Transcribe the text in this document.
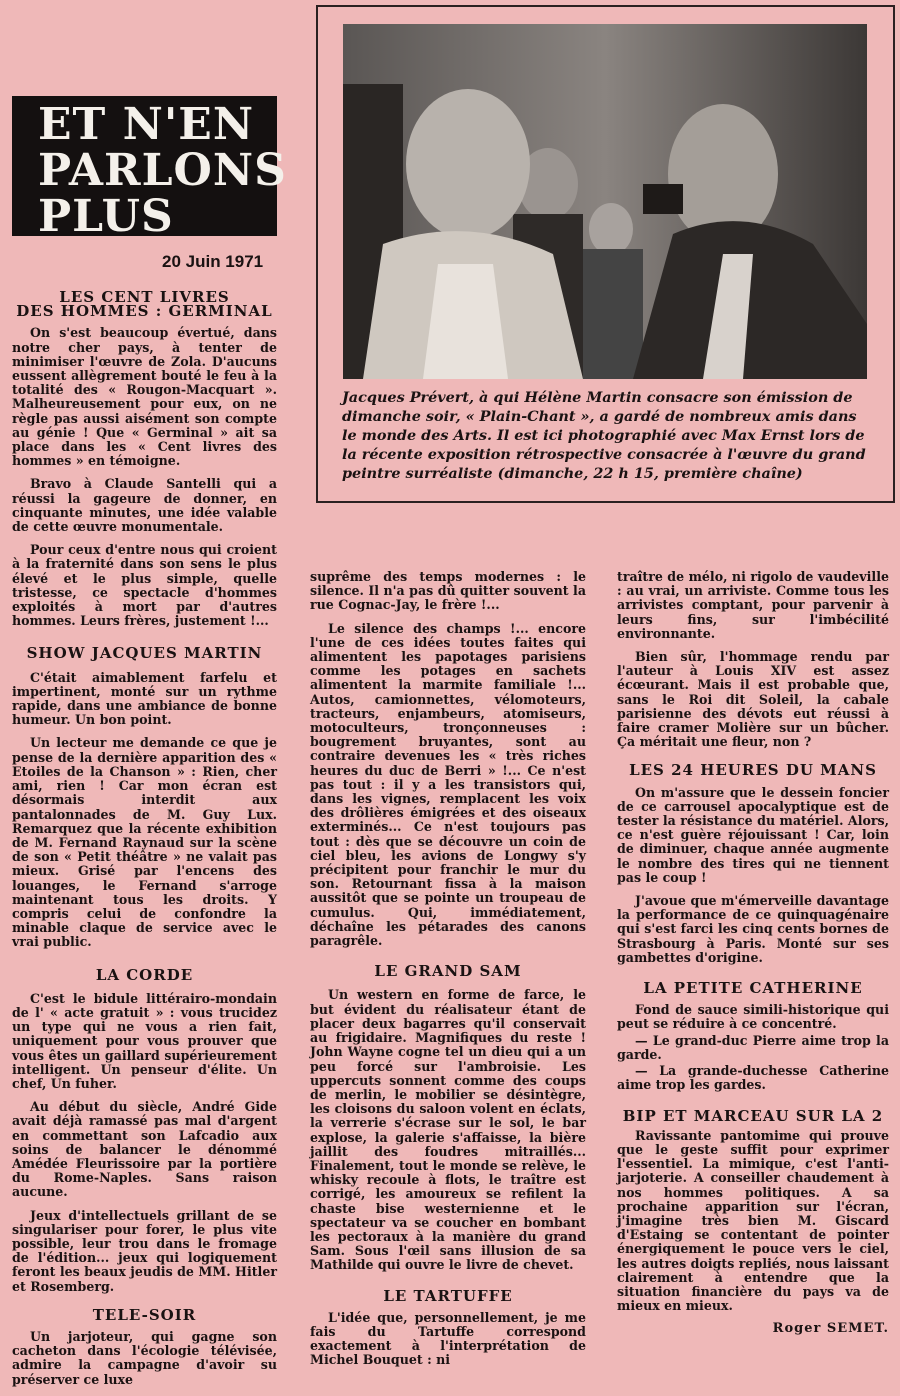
ET N'EN
PARLONS
PLUS
20 Juin 1971
Jacques Prévert, à qui Hélène Martin consacre son émission de dimanche soir, « Plain-Chant », a gardé de nombreux amis dans le monde des Arts. Il est ici photographié avec Max Ernst lors de la récente exposition rétrospective consacrée à l'œuvre du grand peintre surréaliste (dimanche, 22 h 15, première chaîne)
LES CENT LIVRES
DES HOMMES : GERMINAL

On s'est beaucoup évertué, dans notre cher pays, à tenter de minimiser l'œuvre de Zola. D'aucuns eussent allègrement bouté le feu à la totalité des « Rougon-Macquart ». Malheureusement pour eux, on ne règle pas aussi aisément son compte au génie ! Que « Germinal » ait sa place dans les « Cent livres des hommes » en témoigne.

Bravo à Claude Santelli qui a réussi la gageure de donner, en cinquante minutes, une idée valable de cette œuvre monumentale.

Pour ceux d'entre nous qui croient à la fraternité dans son sens le plus élevé et le plus simple, quelle tristesse, ce spectacle d'hommes exploités à mort par d'autres hommes. Leurs frères, justement !...

SHOW JACQUES MARTIN

C'était aimablement farfelu et impertinent, monté sur un rythme rapide, dans une ambiance de bonne humeur. Un bon point.

Un lecteur me demande ce que je pense de la dernière apparition des « Etoiles de la Chanson » : Rien, cher ami, rien ! Car mon écran est désormais interdit aux pantalonnades de M. Guy Lux. Remarquez que la récente exhibition de M. Fernand Raynaud sur la scène de son « Petit théâtre » ne valait pas mieux. Grisé par l'encens des louanges, le Fernand s'arroge maintenant tous les droits. Y compris celui de confondre la minable claque de service avec le vrai public.

LA CORDE

C'est le bidule littérairo-mondain de l' « acte gratuit » : vous trucidez un type qui ne vous a rien fait, uniquement pour vous prouver que vous êtes un gaillard supérieurement intelligent. Un penseur d'élite. Un chef, Un fuher.

Au début du siècle, André Gide avait déjà ramassé pas mal d'argent en commettant son Lafcadio aux soins de balancer le dénommé Amédée Fleurissoire par la portière du Rome-Naples. Sans raison aucune.

Jeux d'intellectuels grillant de se singulariser pour forer, le plus vite possible, leur trou dans le fromage de l'édition... jeux qui logiquement feront les beaux jeudis de MM. Hitler et Rosemberg.

TELE-SOIR

Un jarjoteur, qui gagne son cacheton dans l'écologie télévisée, admire la campagne d'avoir su préserver ce luxe

suprême des temps modernes : le silence. Il n'a pas dû quitter souvent la rue Cognac-Jay, le frère !...

Le silence des champs !... encore l'une de ces idées toutes faites qui alimentent les papotages parisiens comme les potages en sachets alimentent la marmite familiale !... Autos, camionnettes, vélomoteurs, tracteurs, enjambeurs, atomiseurs, motoculteurs, tronçonneuses : bougrement bruyantes, sont au contraire devenues les « très riches heures du duc de Berri » !... Ce n'est pas tout : il y a les transistors qui, dans les vignes, remplacent les voix des drôlières émigrées et des oiseaux exterminés... Ce n'est toujours pas tout : dès que se découvre un coin de ciel bleu, les avions de Longwy s'y précipitent pour franchir le mur du son. Retournant fissa à la maison aussitôt que se pointe un troupeau de cumulus. Qui, immédiatement, déchaîne les pétarades des canons paragrêle.

LE GRAND SAM

Un western en forme de farce, le but évident du réalisateur étant de placer deux bagarres qu'il conservait au frigidaire. Magnifiques du reste ! John Wayne cogne tel un dieu qui a un peu forcé sur l'ambroisie. Les uppercuts sonnent comme des coups de merlin, le mobilier se désintègre, les cloisons du saloon volent en éclats, la verrerie s'écrase sur le sol, le bar explose, la galerie s'affaisse, la bière jaillit des foudres mitraillés... Finalement, tout le monde se relève, le whisky recoule à flots, le traître est corrigé, les amoureux se refilent la chaste bise westernienne et le spectateur va se coucher en bombant les pectoraux à la manière du grand Sam. Sous l'œil sans illusion de sa Mathilde qui ouvre le livre de chevet.

LE TARTUFFE

L'idée que, personnellement, je me fais du Tartuffe correspond exactement à l'interprétation de Michel Bouquet : ni

traître de mélo, ni rigolo de vaudeville : au vrai, un arriviste. Comme tous les arrivistes comptant, pour parvenir à leurs fins, sur l'imbécilité environnante.

Bien sûr, l'hommage rendu par l'auteur à Louis XIV est assez écœurant. Mais il est probable que, sans le Roi dit Soleil, la cabale parisienne des dévots eut réussi à faire cramer Molière sur un bûcher. Ça méritait une fleur, non ?

LES 24 HEURES DU MANS

On m'assure que le dessein foncier de ce carrousel apocalyptique est de tester la résistance du matériel. Alors, ce n'est guère réjouissant ! Car, loin de diminuer, chaque année augmente le nombre des tires qui ne tiennent pas le coup !

J'avoue que m'émerveille davantage la performance de ce quinquagénaire qui s'est farci les cinq cents bornes de Strasbourg à Paris. Monté sur ses gambettes d'origine.

LA PETITE CATHERINE

Fond de sauce simili-historique qui peut se réduire à ce concentré.

— Le grand-duc Pierre aime trop la garde.

— La grande-duchesse Catherine aime trop les gardes.

BIP ET MARCEAU SUR LA 2

Ravissante pantomime qui prouve que le geste suffit pour exprimer l'essentiel. La mimique, c'est l'anti-jarjoterie. A conseiller chaudement à nos hommes politiques. A sa prochaine apparition sur l'écran, j'imagine très bien M. Giscard d'Estaing se contentant de pointer énergiquement le pouce vers le ciel, les autres doigts repliés, nous laissant clairement à entendre que la situation financière du pays va de mieux en mieux.

Roger SEMET.
